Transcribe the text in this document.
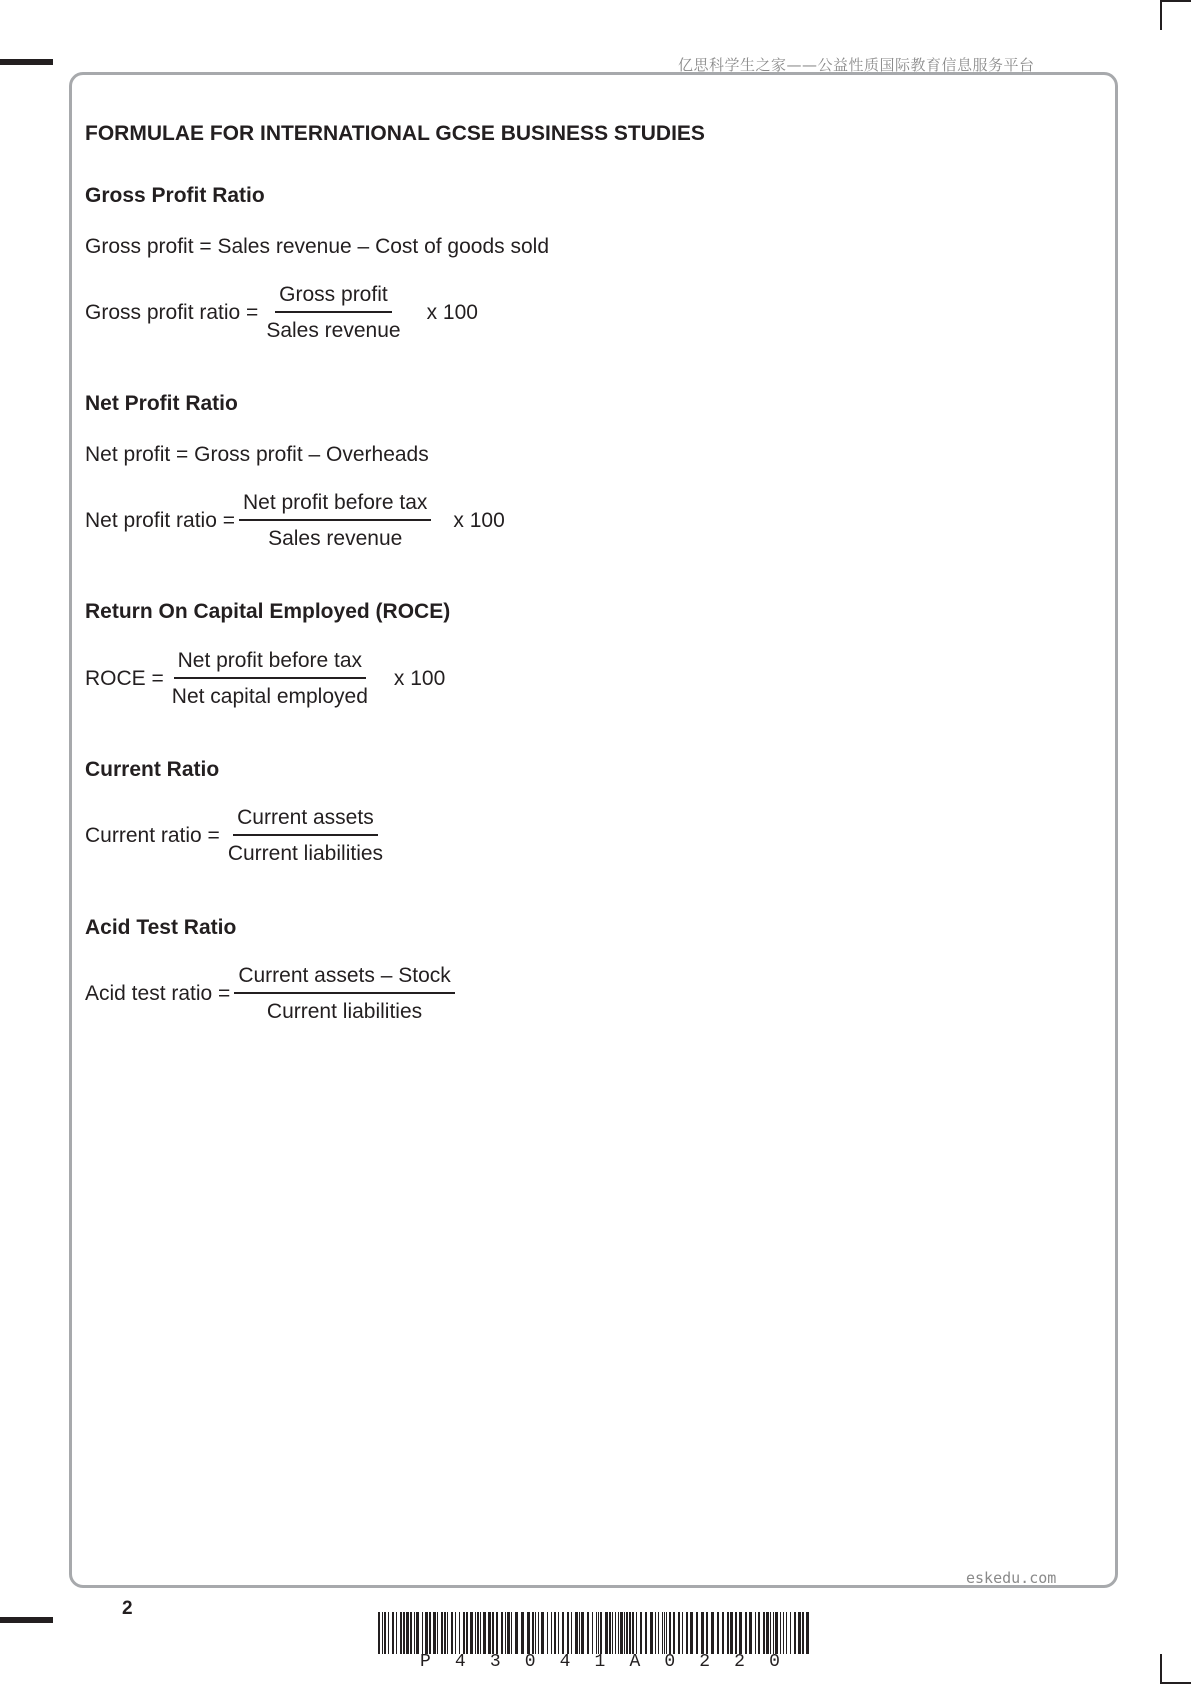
亿思科学生之家——公益性质国际教育信息服务平台
FORMULAE FOR INTERNATIONAL GCSE BUSINESS STUDIES
Gross Profit Ratio
Gross profit = Sales revenue – Cost of goods sold
Gross profit ratio = $\frac{\text{Gross profit}}{\text{Sales revenue}}$ x 100
Net Profit Ratio
Net profit = Gross profit – Overheads
Net profit ratio = $\frac{\text{Net profit before tax}}{\text{Sales revenue}}$ x 100
Return On Capital Employed (ROCE)
ROCE = $\frac{\text{Net profit before tax}}{\text{Net capital employed}}$ x 100
Current Ratio
Current ratio = $\frac{\text{Current assets}}{\text{Current liabilities}}$
Acid Test Ratio
Acid test ratio = $\frac{\text{Current assets – Stock}}{\text{Current liabilities}}$
eskedu.com
2
P 4 3 0 4 1 A 0 2 2 0
